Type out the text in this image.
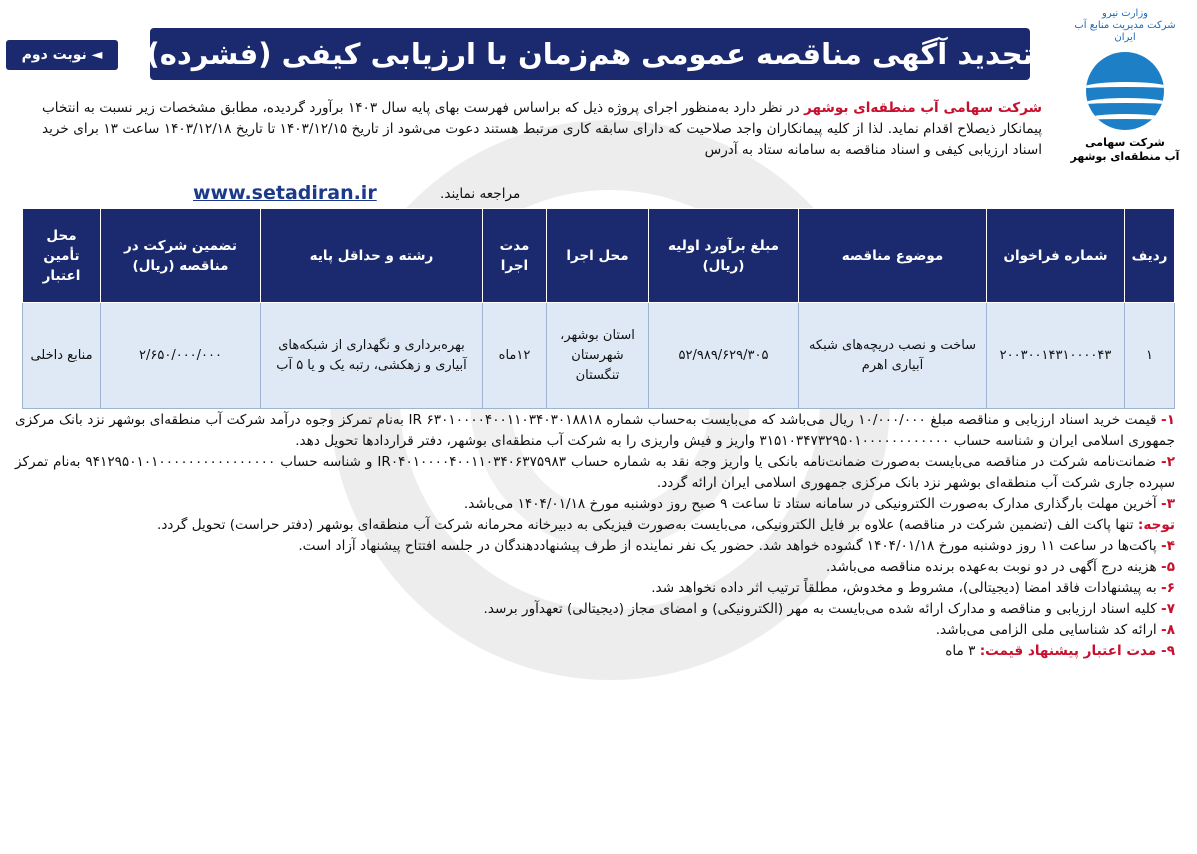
وزارت نیرو
شرکت مدیریت منابع آب ایران
شرکت سهامی
آب منطقه‌ای بوشهر
تجدید آگهی مناقصه عمومی هم‌زمان با ارزیابی کیفی (فشرده)
◄ نوبت دوم
شرکت سهامی آب منطقه‌ای بوشهر در نظر دارد به‌منظور اجرای پروژه ذیل که براساس فهرست بهای پایه سال ۱۴۰۳ برآورد گردیده، مطابق مشخصات زیر نسبت به انتخاب پیمانکار ذیصلاح اقدام نماید. لذا از کلیه پیمانکاران واجد صلاحیت که دارای سابقه کاری مرتبط هستند دعوت می‌شود از تاریخ ۱۴۰۳/۱۲/۱۵ تا تاریخ ۱۴۰۳/۱۲/۱۸ ساعت ۱۳ برای خرید اسناد ارزیابی کیفی و اسناد مناقصه به سامانه ستاد به آدرس
www.setadiran.ir	مراجعه نمایند.
ردیف	شماره فراخوان	موضوع مناقصه	مبلغ برآورد اولیه (ریال)	محل اجرا	مدت اجرا	رشته و حداقل پایه	تضمین شرکت در مناقصه (ریال)	محل تأمین اعتبار
۱	۲۰۰۳۰۰۱۴۳۱۰۰۰۰۴۳	ساخت و نصب دریچه‌های شبکه آبیاری اهرم	۵۲/۹۸۹/۶۲۹/۳۰۵	استان بوشهر، شهرستان تنگستان	۱۲ماه	بهره‌برداری و نگهداری از شبکه‌های آبیاری و زهکشی، رتبه یک و یا ۵ آب	۲/۶۵۰/۰۰۰/۰۰۰	منابع داخلی

۱- قیمت خرید اسناد ارزیابی و مناقصه مبلغ ۱۰/۰۰۰/۰۰۰ ریال می‌باشد که می‌بایست به‌حساب شماره IR ۶۳۰۱۰۰۰۰۴۰۰۱۱۰۳۴۰۳۰۱۸۸۱۸ به‌نام تمرکز وجوه درآمد شرکت آب منطقه‌ای بوشهر نزد بانک مرکزی جمهوری اسلامی ایران و شناسه حساب ۳۱۵۱۰۳۴۷۳۲۹۵۰۱۰۰۰۰۰۰۰۰۰۰۰۰ واریز و فیش واریزی را به شرکت آب منطقه‌ای بوشهر، دفتر قراردادها تحویل دهد.

۲- ضمانت‌نامه شرکت در مناقصه می‌بایست به‌صورت ضمانت‌نامه بانکی یا واریز وجه نقد به شماره حساب IR۰۴۰۱۰۰۰۰۴۰۰۱۱۰۳۴۰۶۳۷۵۹۸۳ و شناسه حساب ۹۴۱۲۹۵۰۱۰۱۰۰۰۰۰۰۰۰۰۰۰۰۰۰۰۰ به‌نام تمرکز سپرده جاری شرکت آب منطقه‌ای بوشهر نزد بانک مرکزی جمهوری اسلامی ایران ارائه گردد.

۳- آخرین مهلت بارگذاری مدارک به‌صورت الکترونیکی در سامانه ستاد تا ساعت ۹ صبح روز دوشنبه مورخ ۱۴۰۴/۰۱/۱۸ می‌باشد.

توجه: تنها پاکت الف (تضمین شرکت در مناقصه) علاوه بر فایل الکترونیکی، می‌بایست به‌صورت فیزیکی به دبیرخانه محرمانه شرکت آب منطقه‌ای بوشهر (دفتر حراست) تحویل گردد.

۴- پاکت‌ها در ساعت ۱۱ روز دوشنبه مورخ ۱۴۰۴/۰۱/۱۸ گشوده خواهد شد. حضور یک نفر نماینده از طرف پیشنهاددهندگان در جلسه افتتاح پیشنهاد آزاد است.

۵- هزینه درج آگهی در دو نوبت به‌عهده برنده مناقصه می‌باشد.

۶- به پیشنهادات فاقد امضا (دیجیتالی)، مشروط و مخدوش، مطلقاً ترتیب اثر داده نخواهد شد.

۷- کلیه اسناد ارزیابی و مناقصه و مدارک ارائه شده می‌بایست به مهر (الکترونیکی) و امضای مجاز (دیجیتالی) تعهدآور برسد.

۸- ارائه کد شناسایی ملی الزامی می‌باشد.

۹- مدت اعتبار پیشنهاد قیمت: ۳ ماه
